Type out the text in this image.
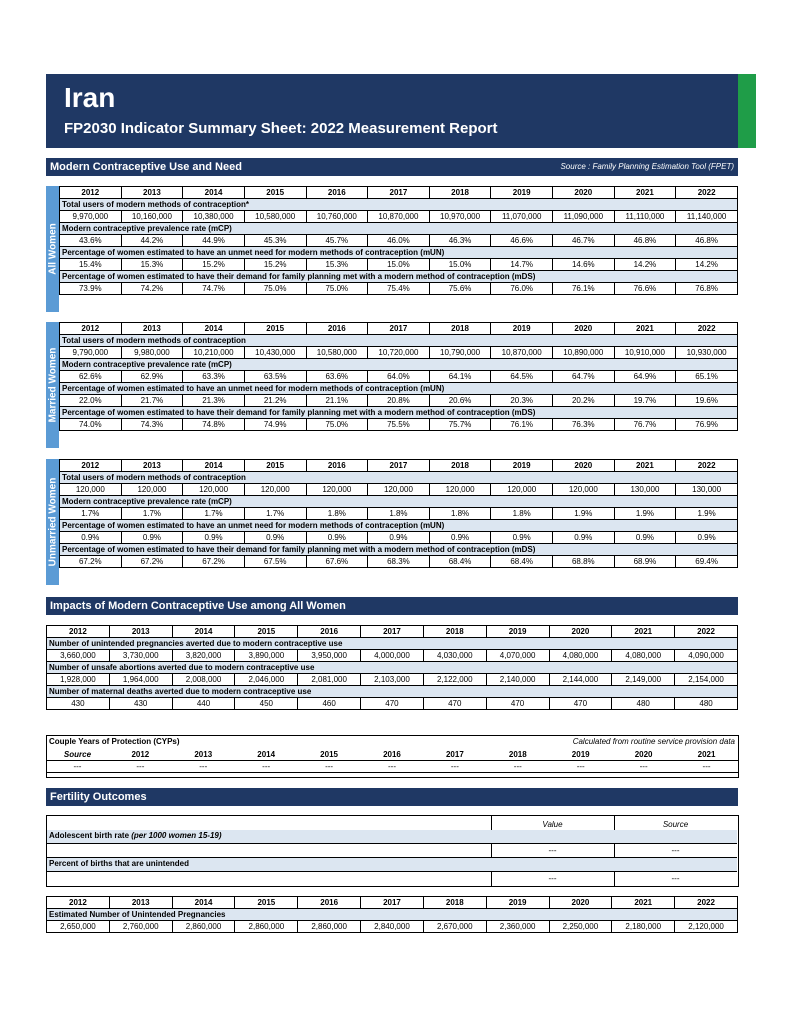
Iran
FP2030 Indicator Summary Sheet: 2022 Measurement Report
Modern Contraceptive Use and Need	Source : Family Planning Estimation Tool (FPET)
All Women
2012	2013	2014	2015	2016	2017	2018	2019	2020	2021	2022
Total users of modern methods of contraception*										
9,970,000	10,160,000	10,380,000	10,580,000	10,760,000	10,870,000	10,970,000	11,070,000	11,090,000	11,110,000	11,140,000
Modern contraceptive prevalence rate (mCP)										
43.6%	44.2%	44.9%	45.3%	45.7%	46.0%	46.3%	46.6%	46.7%	46.8%	46.8%
Percentage of women estimated to have an unmet need for modern methods of contraception (mUN)										
15.4%	15.3%	15.2%	15.2%	15.3%	15.0%	15.0%	14.7%	14.6%	14.2%	14.2%
Percentage of women estimated to have their demand for family planning met with a modern method of contraception (mDS)										
73.9%	74.2%	74.7%	75.0%	75.0%	75.4%	75.6%	76.0%	76.1%	76.6%	76.8%
Married Women
2012	2013	2014	2015	2016	2017	2018	2019	2020	2021	2022
Total users of modern methods of contraception										
9,790,000	9,980,000	10,210,000	10,430,000	10,580,000	10,720,000	10,790,000	10,870,000	10,890,000	10,910,000	10,930,000
Modern contraceptive prevalence rate (mCP)										
62.6%	62.9%	63.3%	63.5%	63.6%	64.0%	64.1%	64.5%	64.7%	64.9%	65.1%
Percentage of women estimated to have an unmet need for modern methods of contraception (mUN)										
22.0%	21.7%	21.3%	21.2%	21.1%	20.8%	20.6%	20.3%	20.2%	19.7%	19.6%
Percentage of women estimated to have their demand for family planning met with a modern method of contraception (mDS)										
74.0%	74.3%	74.8%	74.9%	75.0%	75.5%	75.7%	76.1%	76.3%	76.7%	76.9%
Unmarried Women
2012	2013	2014	2015	2016	2017	2018	2019	2020	2021	2022
Total users of modern methods of contraception										
120,000	120,000	120,000	120,000	120,000	120,000	120,000	120,000	120,000	130,000	130,000
Modern contraceptive prevalence rate (mCP)										
1.7%	1.7%	1.7%	1.7%	1.8%	1.8%	1.8%	1.8%	1.9%	1.9%	1.9%
Percentage of women estimated to have an unmet need for modern methods of contraception (mUN)										
0.9%	0.9%	0.9%	0.9%	0.9%	0.9%	0.9%	0.9%	0.9%	0.9%	0.9%
Percentage of women estimated to have their demand for family planning met with a modern method of contraception (mDS)										
67.2%	67.2%	67.2%	67.5%	67.6%	68.3%	68.4%	68.4%	68.8%	68.9%	69.4%
Impacts of Modern Contraceptive Use among All Women
2012	2013	2014	2015	2016	2017	2018	2019	2020	2021	2022
Number of unintended pregnancies averted due to modern contraceptive use										
3,660,000	3,730,000	3,820,000	3,890,000	3,950,000	4,000,000	4,030,000	4,070,000	4,080,000	4,080,000	4,090,000
Number of unsafe abortions averted due to modern contraceptive use										
1,928,000	1,964,000	2,008,000	2,046,000	2,081,000	2,103,000	2,122,000	2,140,000	2,144,000	2,149,000	2,154,000
Number of maternal deaths averted due to modern contraceptive use										
430	430	440	450	460	470	470	470	470	480	480
Couple Years of Protection (CYPs)	Calculated from routine service provision data
Source	2012	2013	2014	2015	2016	2017	2018	2019	2020	2021
---	---	---	---	---	---	---	---	---	---	---
Fertility Outcomes
Value	Source
Adolescent birth rate (per 1000 women 15-19)
---	---
Percent of births that are unintended
---	---
2012	2013	2014	2015	2016	2017	2018	2019	2020	2021	2022
Estimated Number of Unintended Pregnancies										
2,650,000	2,760,000	2,860,000	2,860,000	2,860,000	2,840,000	2,670,000	2,360,000	2,250,000	2,180,000	2,120,000
